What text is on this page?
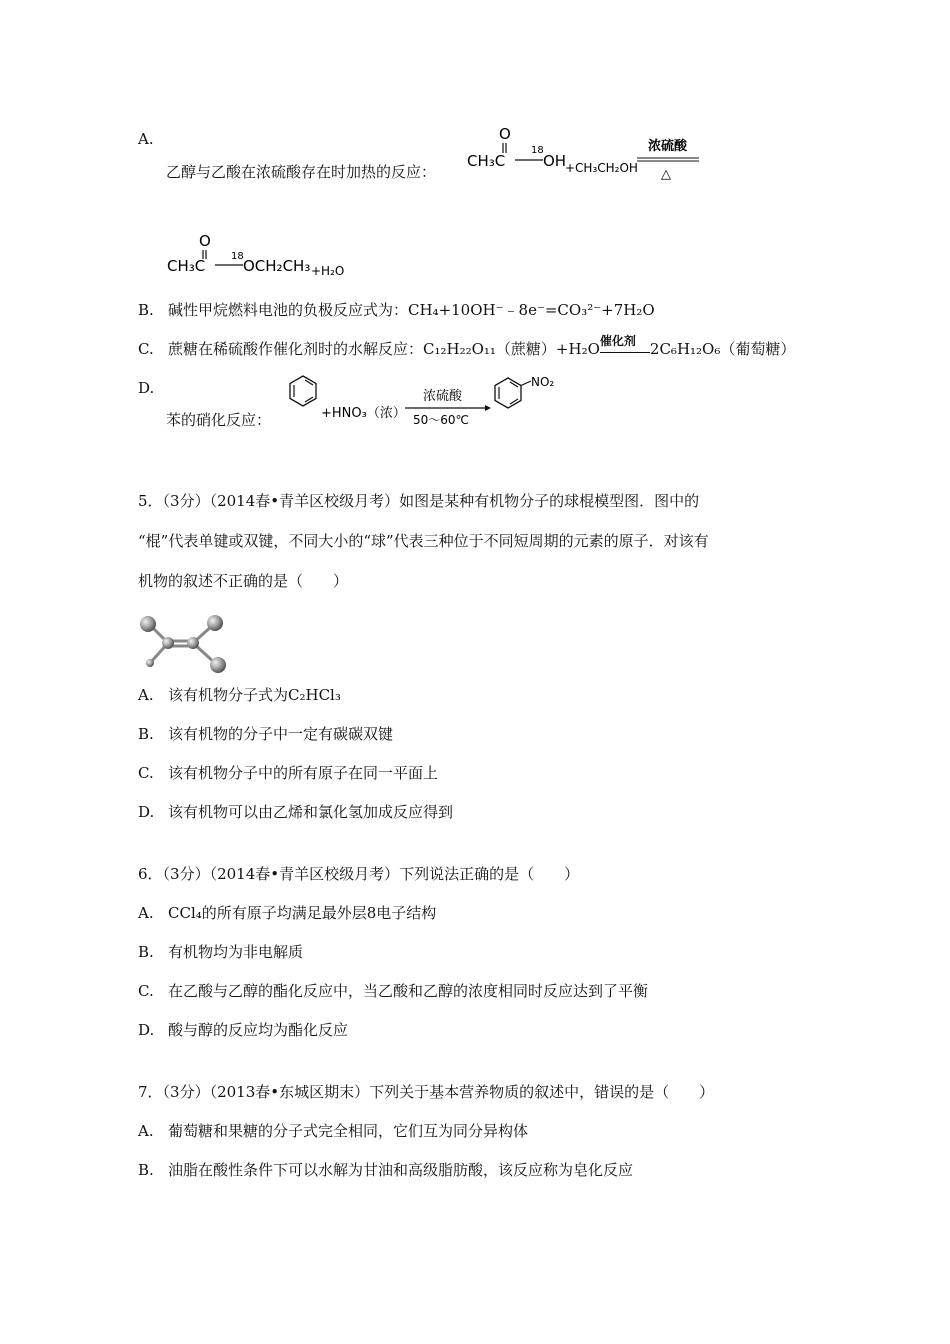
A.
乙醇与乙酸在浓硫酸存在时加热的反应：
O
CH₃C
18
OH
+CH₃CH₂OH
浓硫酸
△
O
CH₃C
18
OCH₂CH₃ +H₂O
B. 碱性甲烷燃料电池的负极反应式为：CH₄+10OH⁻﹣8e⁻=CO₃²⁻+7H₂O
C. 蔗糖在稀硫酸作催化剂时的水解反应：C₁₂H₂₂O₁₁（蔗糖）+H₂O 催化剂 2C₆H₁₂O₆（葡萄糖）
D.
苯的硝化反应：	+HNO₃（浓）
浓硫酸
50～60℃
NO₂
5．（3分）（2014春•青羊区校级月考）如图是某种有机物分子的球棍模型图．图中的
“棍”代表单键或双键，不同大小的“球”代表三种位于不同短周期的元素的原子．对该有
机物的叙述不正确的是（　　）
A. 该有机物分子式为C₂HCl₃
B. 该有机物的分子中一定有碳碳双键
C. 该有机物分子中的所有原子在同一平面上
D. 该有机物可以由乙烯和氯化氢加成反应得到
6．（3分）（2014春•青羊区校级月考）下列说法正确的是（　　）
A. CCl₄的所有原子均满足最外层8电子结构
B. 有机物均为非电解质
C. 在乙酸与乙醇的酯化反应中，当乙酸和乙醇的浓度相同时反应达到了平衡
D. 酸与醇的反应均为酯化反应
7．（3分）（2013春•东城区期末）下列关于基本营养物质的叙述中，错误的是（　　）
A. 葡萄糖和果糖的分子式完全相同，它们互为同分异构体
B. 油脂在酸性条件下可以水解为甘油和高级脂肪酸，该反应称为皂化反应
